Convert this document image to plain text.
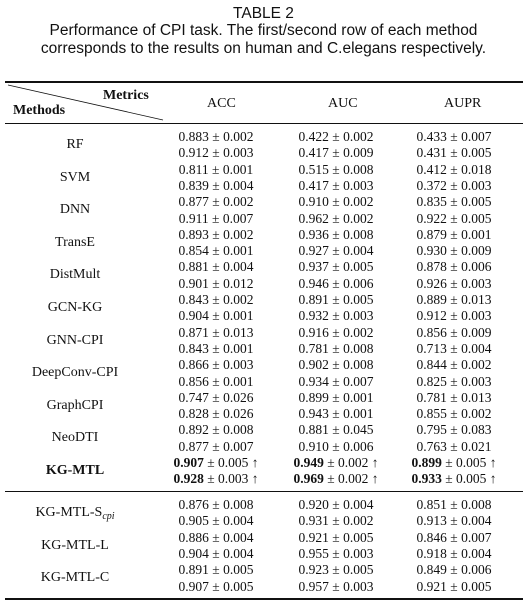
TABLE 2
Performance of CPI task. The first/second row of each method
corresponds to the results on human and C.elegans respectively.
Metrics
Methods	ACC	AUC	AUPR
RF
0.883 ± 0.002	0.422 ± 0.002	0.433 ± 0.007
0.912 ± 0.003	0.417 ± 0.009	0.431 ± 0.005
SVM
0.811 ± 0.001	0.515 ± 0.008	0.412 ± 0.018
0.839 ± 0.004	0.417 ± 0.003	0.372 ± 0.003
DNN
0.877 ± 0.002	0.910 ± 0.002	0.835 ± 0.005
0.911 ± 0.007	0.962 ± 0.002	0.922 ± 0.005
TransE
0.893 ± 0.002	0.936 ± 0.008	0.879 ± 0.001
0.854 ± 0.001	0.927 ± 0.004	0.930 ± 0.009
DistMult
0.881 ± 0.004	0.937 ± 0.005	0.878 ± 0.006
0.901 ± 0.012	0.946 ± 0.006	0.926 ± 0.003
GCN-KG
0.843 ± 0.002	0.891 ± 0.005	0.889 ± 0.013
0.904 ± 0.001	0.932 ± 0.003	0.912 ± 0.003
GNN-CPI
0.871 ± 0.013	0.916 ± 0.002	0.856 ± 0.009
0.843 ± 0.001	0.781 ± 0.008	0.713 ± 0.004
DeepConv-CPI
0.866 ± 0.003	0.902 ± 0.008	0.844 ± 0.002
0.856 ± 0.001	0.934 ± 0.007	0.825 ± 0.003
GraphCPI
0.747 ± 0.026	0.899 ± 0.001	0.781 ± 0.013
0.828 ± 0.026	0.943 ± 0.001	0.855 ± 0.002
NeoDTI
0.892 ± 0.008	0.881 ± 0.045	0.795 ± 0.083
0.877 ± 0.007	0.910 ± 0.006	0.763 ± 0.021
KG-MTL
0.907 ± 0.005 ↑	0.949 ± 0.002 ↑	0.899 ± 0.005 ↑
0.928 ± 0.003 ↑	0.969 ± 0.002 ↑	0.933 ± 0.005 ↑
$KG-MTL-S_{cpi}$
0.876 ± 0.008	0.920 ± 0.004	0.851 ± 0.008
0.905 ± 0.004	0.931 ± 0.002	0.913 ± 0.004
KG-MTL-L
0.886 ± 0.004	0.921 ± 0.005	0.846 ± 0.007
0.904 ± 0.004	0.955 ± 0.003	0.918 ± 0.004
KG-MTL-C
0.891 ± 0.005	0.923 ± 0.005	0.849 ± 0.006
0.907 ± 0.005	0.957 ± 0.003	0.921 ± 0.005
